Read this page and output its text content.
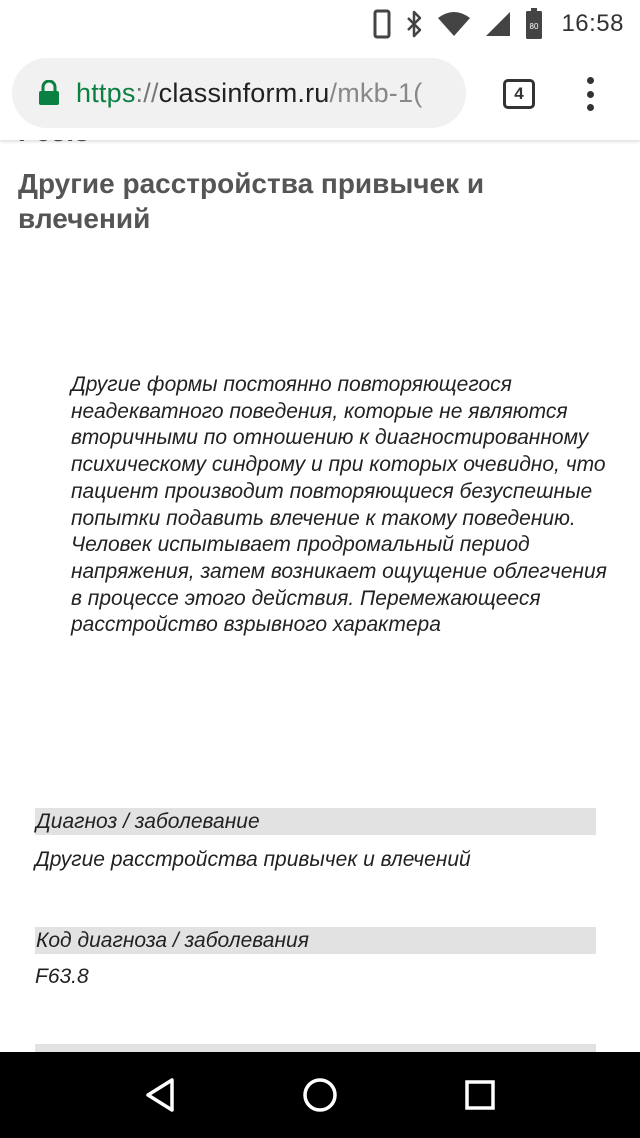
Другие расстройства привычек и влечений

Другие формы постоянно повторяющегося неадекватного поведения, которые не являются вторичными по отношению к диагностированному психическому синдрому и при которых очевидно, что пациент производит повторяющиеся безуспешные попытки подавить влечение к такому поведению. Человек испытывает продромальный период напряжения, затем возникает ощущение облегчения в процессе этого действия. Перемежающееся расстройство взрывного характера

Диагноз / заболевание
Другие расстройства привычек и влечений
Код диагноза / заболевания
F63.8
80 16:58
https://classinform.ru/mkb-1(	4
